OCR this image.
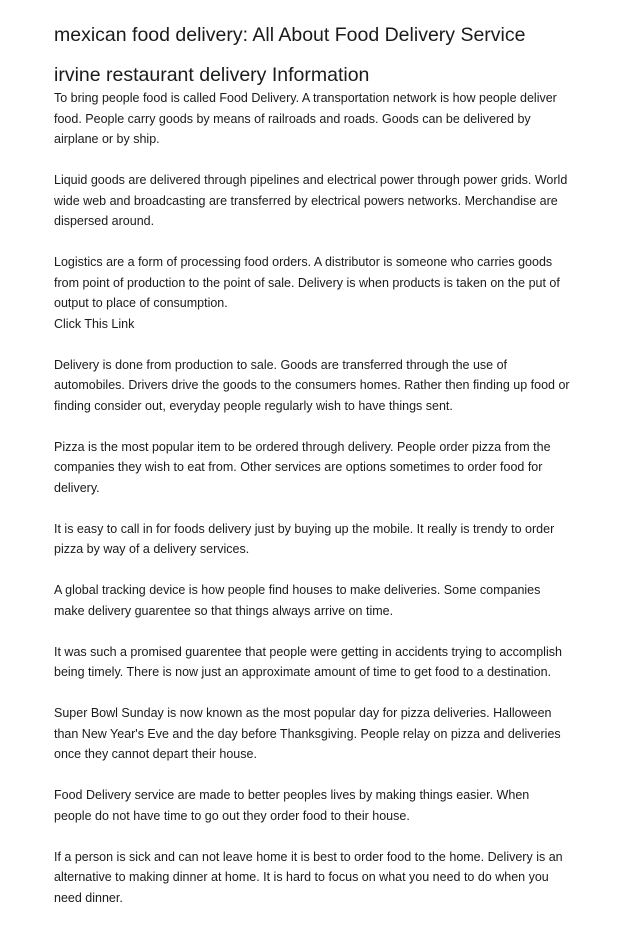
mexican food delivery: All About Food Delivery Service
irvine restaurant delivery Information
To bring people food is called Food Delivery. A transportation network is how people deliver
food. People carry goods by means of railroads and roads. Goods can be delivered by
airplane or by ship.
Liquid goods are delivered through pipelines and electrical power through power grids. World
wide web and broadcasting are transferred by electrical powers networks. Merchandise are
dispersed around.
Logistics are a form of processing food orders. A distributor is someone who carries goods
from point of production to the point of sale. Delivery is when products is taken on the put of
output to place of consumption.
Click This Link
Delivery is done from production to sale. Goods are transferred through the use of
automobiles. Drivers drive the goods to the consumers homes. Rather then finding up food or
finding consider out, everyday people regularly wish to have things sent.
Pizza is the most popular item to be ordered through delivery. People order pizza from the
companies they wish to eat from. Other services are options sometimes to order food for
delivery.
It is easy to call in for foods delivery just by buying up the mobile. It really is trendy to order
pizza by way of a delivery services.
A global tracking device is how people find houses to make deliveries. Some companies
make delivery guarentee so that things always arrive on time.
It was such a promised guarentee that people were getting in accidents trying to accomplish
being timely. There is now just an approximate amount of time to get food to a destination.
Super Bowl Sunday is now known as the most popular day for pizza deliveries. Halloween
than New Year's Eve and the day before Thanksgiving. People relay on pizza and deliveries
once they cannot depart their house.
Food Delivery service are made to better peoples lives by making things easier. When
people do not have time to go out they order food to their house.
If a person is sick and can not leave home it is best to order food to the home. Delivery is an
alternative to making dinner at home. It is hard to focus on what you need to do when you
need dinner.
